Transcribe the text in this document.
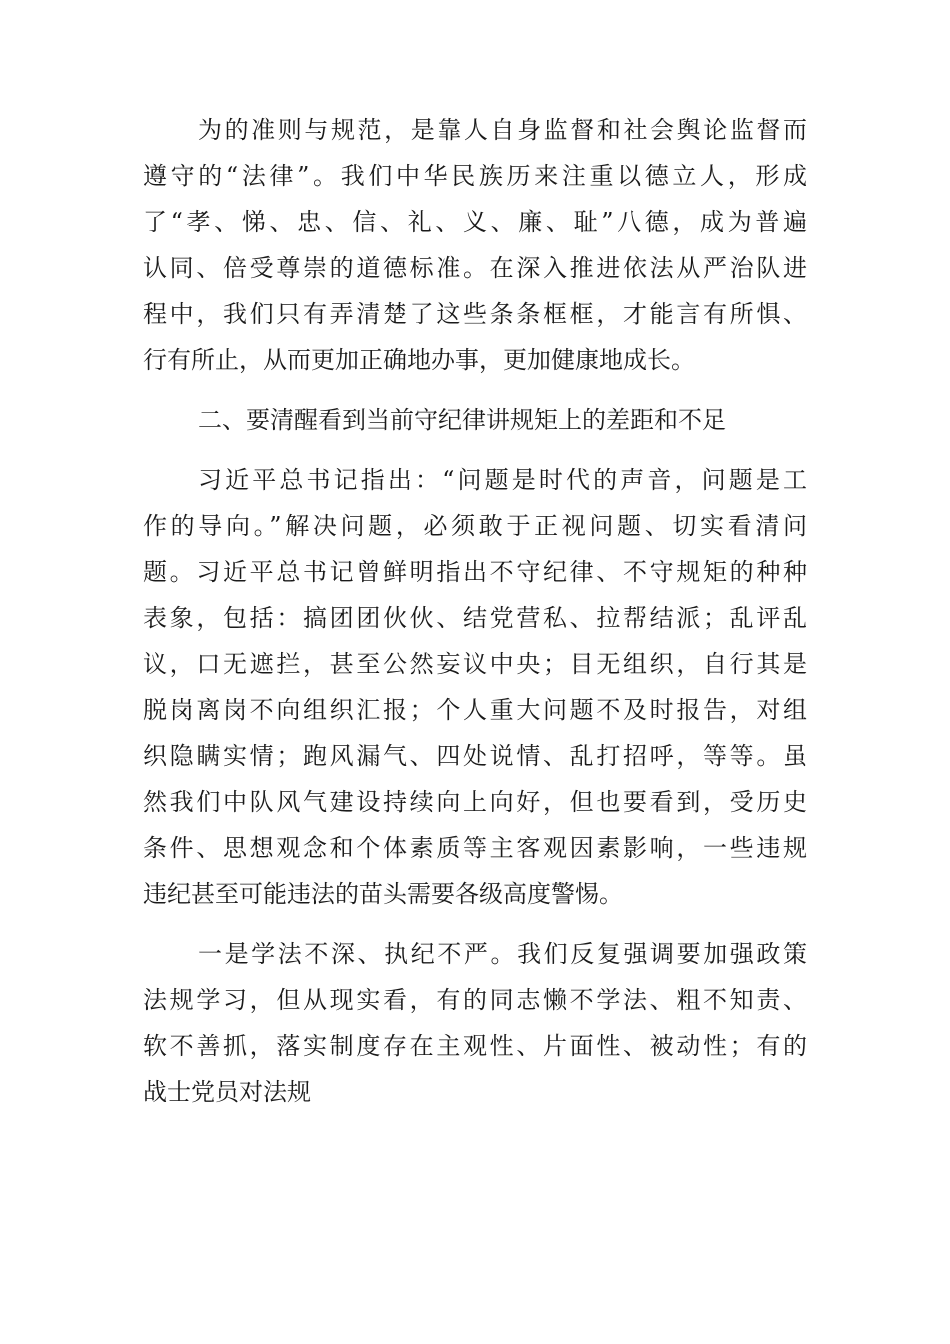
为的准则与规范，是靠人自身监督和社会舆论监督而
遵守的“法律”。我们中华民族历来注重以德立人，形成
了“孝、悌、忠、信、礼、义、廉、耻”八德，成为普遍
认同、倍受尊崇的道德标准。在深入推进依法从严治队进
程中，我们只有弄清楚了这些条条框框，才能言有所惧、
行有所止，从而更加正确地办事，更加健康地成长。
二、要清醒看到当前守纪律讲规矩上的差距和不足
习近平总书记指出：“问题是时代的声音，问题是工
作的导向。”解决问题，必须敢于正视问题、切实看清问
题。习近平总书记曾鲜明指出不守纪律、不守规矩的种种
表象，包括：搞团团伙伙、结党营私、拉帮结派；乱评乱
议，口无遮拦，甚至公然妄议中央；目无组织，自行其是
脱岗离岗不向组织汇报；个人重大问题不及时报告，对组
织隐瞒实情；跑风漏气、四处说情、乱打招呼，等等。虽
然我们中队风气建设持续向上向好，但也要看到，受历史
条件、思想观念和个体素质等主客观因素影响，一些违规
违纪甚至可能违法的苗头需要各级高度警惕。
一是学法不深、执纪不严。我们反复强调要加强政策
法规学习，但从现实看，有的同志懒不学法、粗不知责、
软不善抓，落实制度存在主观性、片面性、被动性；有的
战士党员对法规
